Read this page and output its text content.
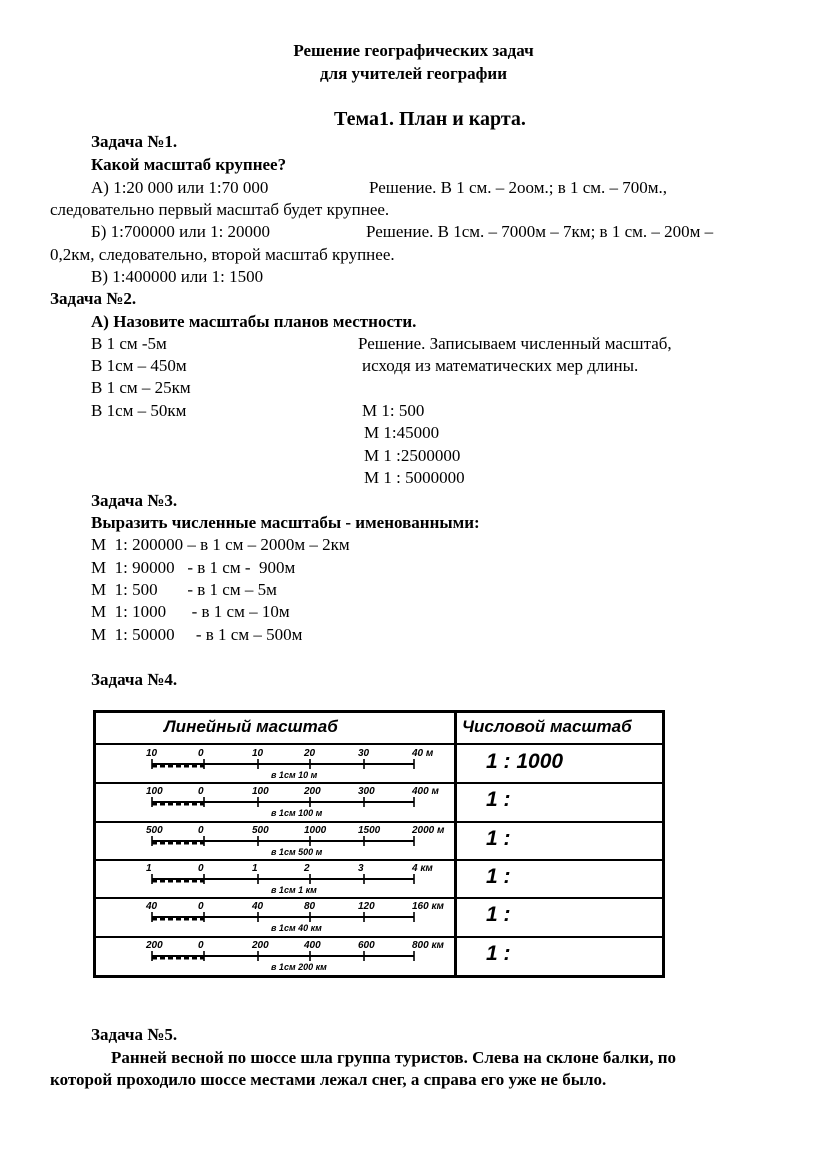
Решение географических задач
для учителей географии
Тема1. План и карта.
Задача №1.
Какой масштаб крупнее?
А) 1:20 000 или 1:70 000	Решение. В 1 см. – 2оом.; в 1 см. – 700м.,
следовательно первый масштаб будет крупнее.
Б) 1:700000 или 1: 20000	Решение. В 1см. – 7000м – 7км; в 1 см. – 200м –
0,2км, следовательно, второй масштаб крупнее.
В) 1:400000 или 1: 1500
Задача №2.
А) Назовите масштабы планов местности.
В 1 см -5м
В 1см – 450м
В 1 см – 25км
В 1см – 50км
Решение. Записываем численный масштаб,
исходя из математических мер длины.
М 1: 500
М 1:45000
М 1 :2500000
М 1 : 5000000
Задача №3.
Выразить численные масштабы - именованными:
М  1: 200000 – в 1 см – 2000м – 2км
М  1: 90000   - в 1 см -  900м
М  1: 500       - в 1 см – 5м
М  1: 1000      - в 1 см – 10м
М  1: 50000     - в 1 см – 500м
Задача №4.
Линейный масштаб	Числовой масштаб
10	0	10	20	30	40 м
в 1см 10 м
1 : 1000
100	0	100	200	300	400 м
в 1см 100 м
1 :
500	0	500	1000	1500	2000 м
в 1см 500 м
1 :
1	0	1	2	3	4 км
в 1см 1 км
1 :
40	0	40	80	120	160 км
в 1см 40 км
1 :
200	0	200	400	600	800 км
в 1см 200 км
1 :
Задача №5.
Ранней весной по шоссе шла группа туристов. Слева на склоне балки, по
которой проходило шоссе местами лежал снег, а справа его уже не было.
